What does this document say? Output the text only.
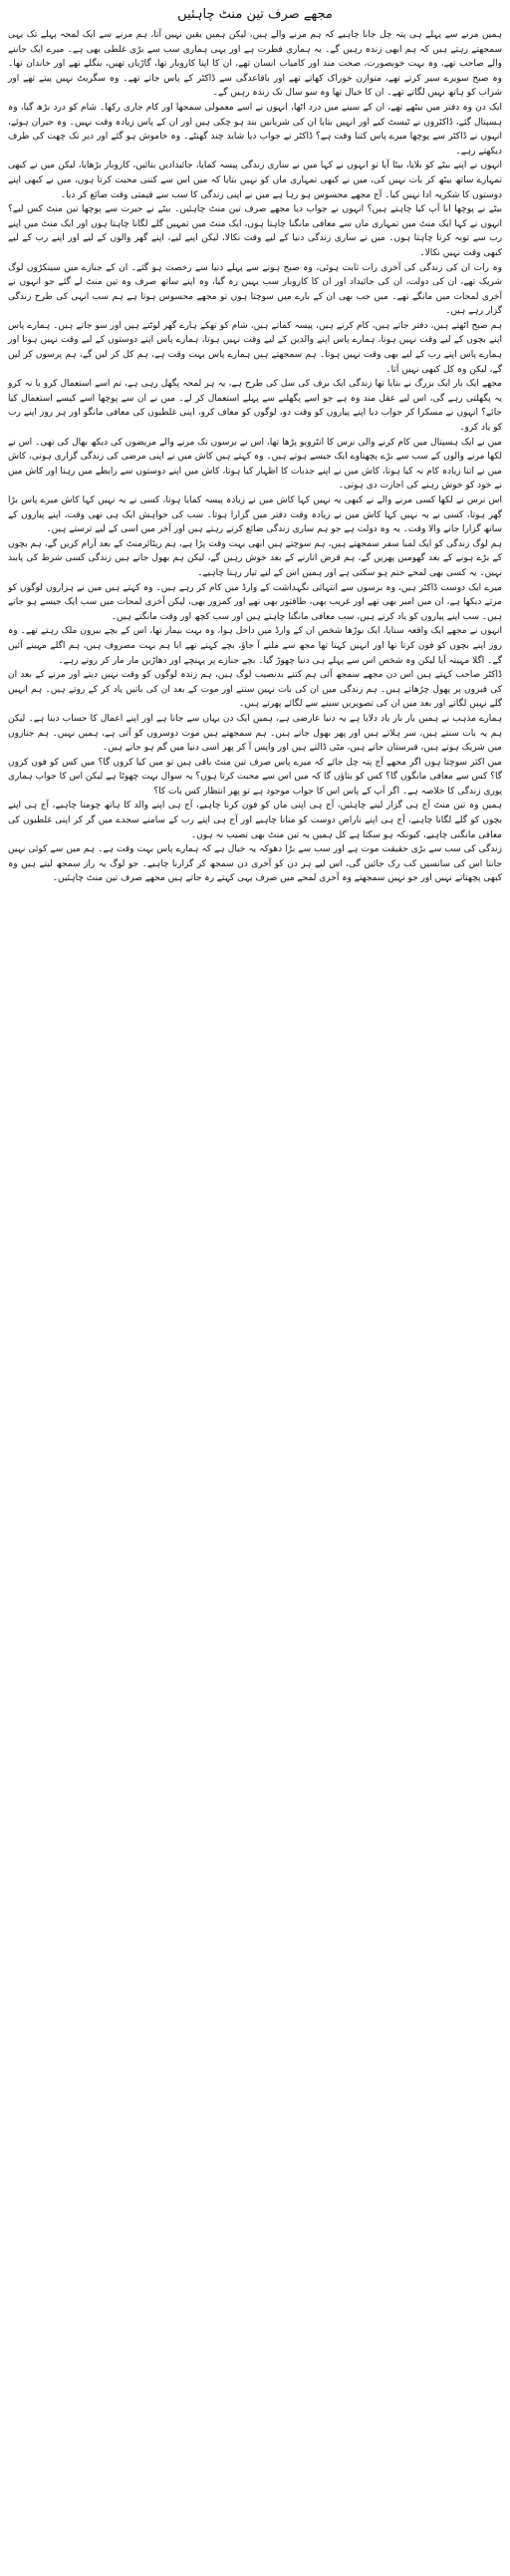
مجھے صرف تین منٹ چاہئیں

ہمیں مرنے سے پہلے ہی پتہ چل جانا چاہیے کہ ہم مرنے والے ہیں، لیکن ہمیں یقین نہیں آتا، ہم مرنے سے ایک لمحہ پہلے تک یہی سمجھتے رہتے ہیں کہ ہم ابھی زندہ رہیں گے۔ یہ ہماری فطرت ہے اور یہی ہماری سب سے بڑی غلطی بھی ہے۔ میرے ایک جاننے والے صاحب تھے، وہ بہت خوبصورت، صحت مند اور کامیاب انسان تھے، ان کا اپنا کاروبار تھا، گاڑیاں تھیں، بنگلے تھے اور خاندان تھا۔ وہ صبح سویرے سیر کرتے تھے، متوازن خوراک کھاتے تھے اور باقاعدگی سے ڈاکٹر کے پاس جاتے تھے۔ وہ سگریٹ نہیں پیتے تھے اور شراب کو ہاتھ نہیں لگاتے تھے۔ ان کا خیال تھا وہ سو سال تک زندہ رہیں گے۔

ایک دن وہ دفتر میں بیٹھے تھے، ان کے سینے میں درد اٹھا، انہوں نے اسے معمولی سمجھا اور کام جاری رکھا۔ شام کو درد بڑھ گیا، وہ ہسپتال گئے، ڈاکٹروں نے ٹیسٹ کیے اور انہیں بتایا ان کی شریانیں بند ہو چکی ہیں اور ان کے پاس زیادہ وقت نہیں۔ وہ حیران ہوئے، انہوں نے ڈاکٹر سے پوچھا میرے پاس کتنا وقت ہے؟ ڈاکٹر نے جواب دیا شاید چند گھنٹے۔ وہ خاموش ہو گئے اور دیر تک چھت کی طرف دیکھتے رہے۔

انہوں نے اپنے بیٹے کو بلایا، بیٹا آیا تو انہوں نے کہا میں نے ساری زندگی پیسہ کمایا، جائیدادیں بنائیں، کاروبار بڑھایا، لیکن میں نے کبھی تمہارے ساتھ بیٹھ کر بات نہیں کی، میں نے کبھی تمہاری ماں کو نہیں بتایا کہ میں اس سے کتنی محبت کرتا ہوں، میں نے کبھی اپنے دوستوں کا شکریہ ادا نہیں کیا۔ آج مجھے محسوس ہو رہا ہے میں نے اپنی زندگی کا سب سے قیمتی وقت ضائع کر دیا۔

بیٹے نے پوچھا ابا آپ کیا چاہتے ہیں؟ انہوں نے جواب دیا مجھے صرف تین منٹ چاہئیں۔ بیٹے نے حیرت سے پوچھا تین منٹ کس لیے؟ انہوں نے کہا ایک منٹ میں تمہاری ماں سے معافی مانگنا چاہتا ہوں، ایک منٹ میں تمہیں گلے لگانا چاہتا ہوں اور ایک منٹ میں اپنے رب سے توبہ کرنا چاہتا ہوں۔ میں نے ساری زندگی دنیا کے لیے وقت نکالا، لیکن اپنے لیے، اپنے گھر والوں کے لیے اور اپنے رب کے لیے کبھی وقت نہیں نکالا۔

وہ رات ان کی زندگی کی آخری رات ثابت ہوئی، وہ صبح ہونے سے پہلے دنیا سے رخصت ہو گئے۔ ان کے جنازے میں سینکڑوں لوگ شریک تھے، ان کی دولت، ان کی جائیداد اور ان کا کاروبار سب یہیں رہ گیا، وہ اپنے ساتھ صرف وہ تین منٹ لے گئے جو انہوں نے آخری لمحات میں مانگے تھے۔ میں جب بھی ان کے بارے میں سوچتا ہوں تو مجھے محسوس ہوتا ہے ہم سب انہی کی طرح زندگی گزار رہے ہیں۔

ہم صبح اٹھتے ہیں، دفتر جاتے ہیں، کام کرتے ہیں، پیسہ کماتے ہیں، شام کو تھکے ہارے گھر لوٹتے ہیں اور سو جاتے ہیں۔ ہمارے پاس اپنے بچوں کے لیے وقت نہیں ہوتا، ہمارے پاس اپنے والدین کے لیے وقت نہیں ہوتا، ہمارے پاس اپنے دوستوں کے لیے وقت نہیں ہوتا اور ہمارے پاس اپنے رب کے لیے بھی وقت نہیں ہوتا۔ ہم سمجھتے ہیں ہمارے پاس بہت وقت ہے، ہم کل کر لیں گے، ہم پرسوں کر لیں گے، لیکن وہ کل کبھی نہیں آتا۔

مجھے ایک بار ایک بزرگ نے بتایا تھا زندگی ایک برف کی سل کی طرح ہے، یہ ہر لمحہ پگھل رہی ہے، تم اسے استعمال کرو یا نہ کرو یہ پگھلتی رہے گی، اس لیے عقل مند وہ ہے جو اسے پگھلنے سے پہلے استعمال کر لے۔ میں نے ان سے پوچھا اسے کیسے استعمال کیا جائے؟ انہوں نے مسکرا کر جواب دیا اپنے پیاروں کو وقت دو، لوگوں کو معاف کرو، اپنی غلطیوں کی معافی مانگو اور ہر روز اپنے رب کو یاد کرو۔

میں نے ایک ہسپتال میں کام کرنے والی نرس کا انٹرویو پڑھا تھا، اس نے برسوں تک مرنے والے مریضوں کی دیکھ بھال کی تھی۔ اس نے لکھا مرنے والوں کے سب سے بڑے پچھتاوے ایک جیسے ہوتے ہیں۔ وہ کہتے ہیں کاش میں نے اپنی مرضی کی زندگی گزاری ہوتی، کاش میں نے اتنا زیادہ کام نہ کیا ہوتا، کاش میں نے اپنے جذبات کا اظہار کیا ہوتا، کاش میں اپنے دوستوں سے رابطے میں رہتا اور کاش میں نے خود کو خوش رہنے کی اجازت دی ہوتی۔

اس نرس نے لکھا کسی مرنے والے نے کبھی یہ نہیں کہا کاش میں نے زیادہ پیسہ کمایا ہوتا، کسی نے یہ نہیں کہا کاش میرے پاس بڑا گھر ہوتا، کسی نے یہ نہیں کہا کاش میں نے زیادہ وقت دفتر میں گزارا ہوتا۔ سب کی خواہش ایک ہی تھی وقت، اپنے پیاروں کے ساتھ گزارا جانے والا وقت۔ یہ وہ دولت ہے جو ہم ساری زندگی ضائع کرتے رہتے ہیں اور آخر میں اسی کے لیے ترستے ہیں۔

ہم لوگ زندگی کو ایک لمبا سفر سمجھتے ہیں، ہم سوچتے ہیں ابھی بہت وقت پڑا ہے، ہم ریٹائرمنٹ کے بعد آرام کریں گے، ہم بچوں کے بڑے ہونے کے بعد گھومیں پھریں گے، ہم قرض اتارنے کے بعد خوش رہیں گے، لیکن ہم بھول جاتے ہیں زندگی کسی شرط کی پابند نہیں۔ یہ کسی بھی لمحے ختم ہو سکتی ہے اور ہمیں اس کے لیے تیار رہنا چاہیے۔

میرے ایک دوست ڈاکٹر ہیں، وہ برسوں سے انتہائی نگہداشت کے وارڈ میں کام کر رہے ہیں۔ وہ کہتے ہیں میں نے ہزاروں لوگوں کو مرتے دیکھا ہے، ان میں امیر بھی تھے اور غریب بھی، طاقتور بھی تھے اور کمزور بھی، لیکن آخری لمحات میں سب ایک جیسے ہو جاتے ہیں۔ سب اپنے پیاروں کو یاد کرتے ہیں، سب معافی مانگنا چاہتے ہیں اور سب کچھ اور وقت مانگتے ہیں۔

انہوں نے مجھے ایک واقعہ سنایا، ایک بوڑھا شخص ان کے وارڈ میں داخل ہوا، وہ بہت بیمار تھا، اس کے بچے بیرون ملک رہتے تھے۔ وہ روز اپنے بچوں کو فون کرتا تھا اور انہیں کہتا تھا مجھ سے ملنے آ جاؤ، بچے کہتے تھے ابا ہم بہت مصروف ہیں، ہم اگلے مہینے آئیں گے۔ اگلا مہینہ آیا لیکن وہ شخص اس سے پہلے ہی دنیا چھوڑ گیا۔ بچے جنازے پر پہنچے اور دھاڑیں مار مار کر روتے رہے۔

ڈاکٹر صاحب کہتے ہیں اس دن مجھے سمجھ آئی ہم کتنے بدنصیب لوگ ہیں، ہم زندہ لوگوں کو وقت نہیں دیتے اور مرنے کے بعد ان کی قبروں پر پھول چڑھاتے ہیں۔ ہم زندگی میں ان کی بات نہیں سنتے اور موت کے بعد ان کی باتیں یاد کر کے روتے ہیں۔ ہم انہیں گلے نہیں لگاتے اور بعد میں ان کی تصویریں سینے سے لگائے پھرتے ہیں۔

ہمارے مذہب نے ہمیں بار بار یاد دلایا ہے یہ دنیا عارضی ہے، ہمیں ایک دن یہاں سے جانا ہے اور اپنے اعمال کا حساب دینا ہے۔ لیکن ہم یہ بات سنتے ہیں، سر ہلاتے ہیں اور پھر بھول جاتے ہیں۔ ہم سمجھتے ہیں موت دوسروں کو آتی ہے، ہمیں نہیں۔ ہم جنازوں میں شریک ہوتے ہیں، قبرستان جاتے ہیں، مٹی ڈالتے ہیں اور واپس آ کر پھر اسی دنیا میں گم ہو جاتے ہیں۔

میں اکثر سوچتا ہوں اگر مجھے آج پتہ چل جائے کہ میرے پاس صرف تین منٹ باقی ہیں تو میں کیا کروں گا؟ میں کس کو فون کروں گا؟ کس سے معافی مانگوں گا؟ کس کو بتاؤں گا کہ میں اس سے محبت کرتا ہوں؟ یہ سوال بہت چھوٹا ہے لیکن اس کا جواب ہماری پوری زندگی کا خلاصہ ہے۔ اگر آپ کے پاس اس کا جواب موجود ہے تو پھر انتظار کس بات کا؟

ہمیں وہ تین منٹ آج ہی گزار لینے چاہئیں، آج ہی اپنی ماں کو فون کرنا چاہیے، آج ہی اپنے والد کا ہاتھ چومنا چاہیے، آج ہی اپنے بچوں کو گلے لگانا چاہیے، آج ہی اپنے ناراض دوست کو منانا چاہیے اور آج ہی اپنے رب کے سامنے سجدے میں گر کر اپنی غلطیوں کی معافی مانگنی چاہیے، کیونکہ ہو سکتا ہے کل ہمیں یہ تین منٹ بھی نصیب نہ ہوں۔

زندگی کی سب سے بڑی حقیقت موت ہے اور سب سے بڑا دھوکہ یہ خیال ہے کہ ہمارے پاس بہت وقت ہے۔ ہم میں سے کوئی نہیں جانتا اس کی سانسیں کب رک جائیں گی، اس لیے ہر دن کو آخری دن سمجھ کر گزارنا چاہیے۔ جو لوگ یہ راز سمجھ لیتے ہیں وہ کبھی پچھتاتے نہیں اور جو نہیں سمجھتے وہ آخری لمحے میں صرف یہی کہتے رہ جاتے ہیں مجھے صرف تین منٹ چاہئیں۔
